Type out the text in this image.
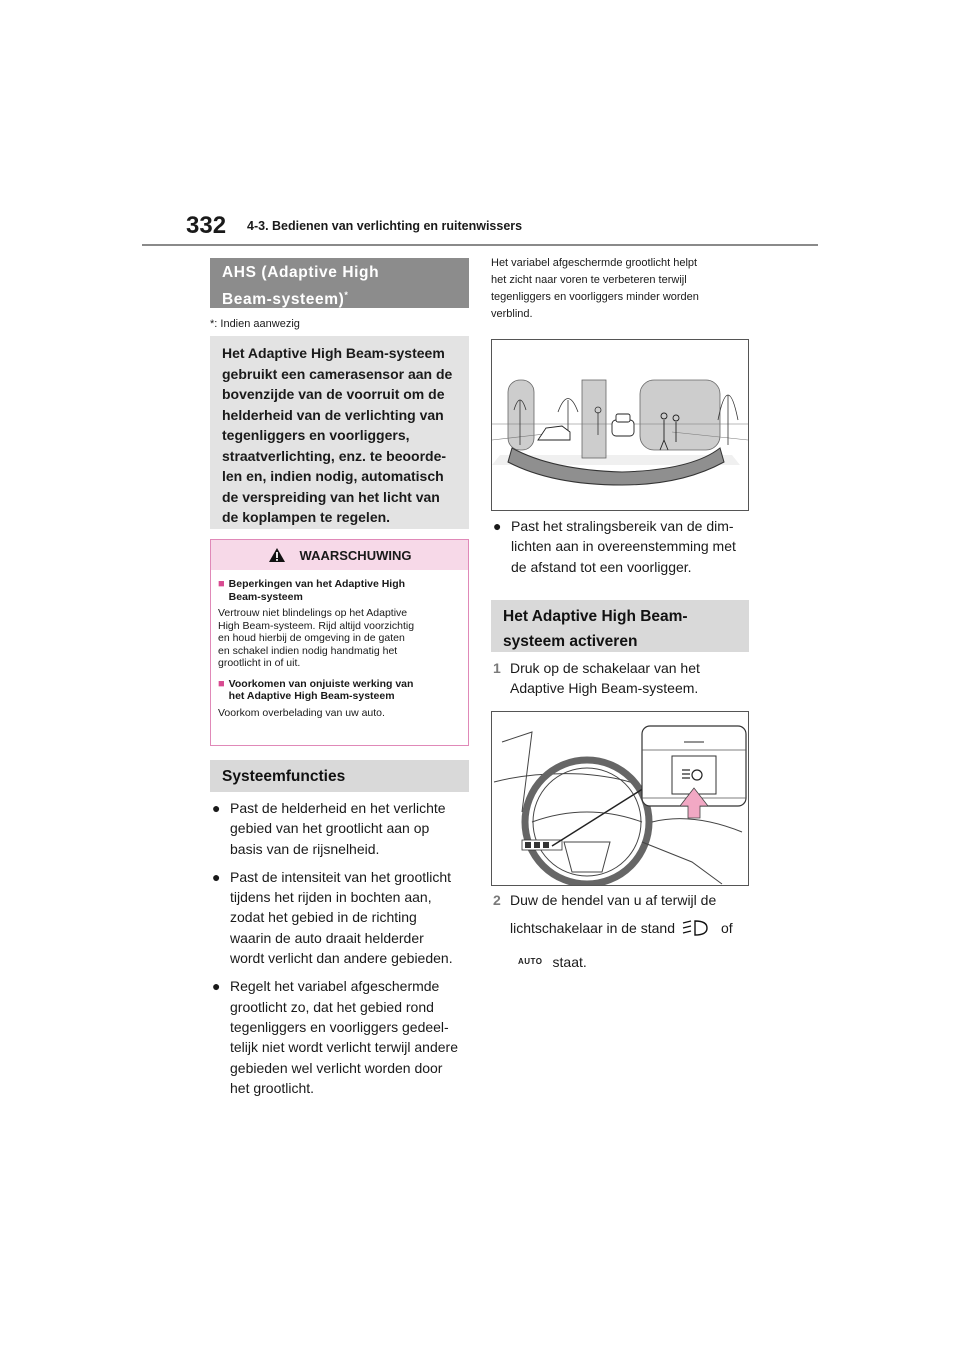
332 4-3. Bedienen van verlichting en ruitenwissers
AHS (Adaptive High
Beam-systeem)*
*: Indien aanwezig
Het Adaptive High Beam-systeem
gebruikt een camerasensor aan de
bovenzijde van de voorruit om de
helderheid van de verlichting van
tegenliggers en voorliggers,
straatverlichting, enz. te beoorde-
len en, indien nodig, automatisch
de verspreiding van het licht van
de koplampen te regelen.
WAARSCHUWING
■ Beperkingen van het Adaptive High
Beam-systeem
Vertrouw niet blindelings op het Adaptive
High Beam-systeem. Rijd altijd voorzichtig
en houd hierbij de omgeving in de gaten
en schakel indien nodig handmatig het
grootlicht in of uit.
■ Voorkomen van onjuiste werking van
het Adaptive High Beam-systeem
Voorkom overbelading van uw auto.
Systeemfuncties
● Past de helderheid en het verlichte
gebied van het grootlicht aan op
basis van de rijsnelheid.
● Past de intensiteit van het grootlicht
tijdens het rijden in bochten aan,
zodat het gebied in de richting
waarin de auto draait helderder
wordt verlicht dan andere gebieden.
● Regelt het variabel afgeschermde
grootlicht zo, dat het gebied rond
tegenliggers en voorliggers gedeel-
telijk niet wordt verlicht terwijl andere
gebieden wel verlicht worden door
het grootlicht.
Het variabel afgeschermde grootlicht helpt
het zicht naar voren te verbeteren terwijl
tegenliggers en voorliggers minder worden
verblind.
● Past het stralingsbereik van de dim-
lichten aan in overeenstemming met
de afstand tot een voorligger.
Het Adaptive High Beam-
systeem activeren
1 Druk op de schakelaar van het
Adaptive High Beam-systeem.
2 Duw de hendel van u af terwijl de
lichtschakelaar in de stand	of
AUTO staat.
